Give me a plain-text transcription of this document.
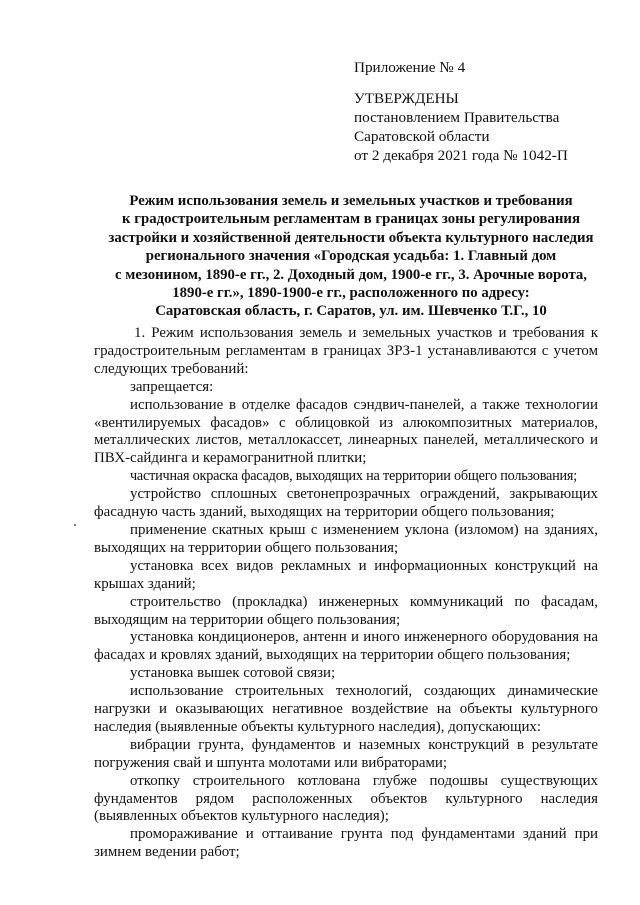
Приложение № 4
УТВЕРЖДЕНЫ
постановлением Правительства
Саратовской области
от 2 декабря 2021 года № 1042-П
Режим использования земель и земельных участков и требования
к градостроительным регламентам в границах зоны регулирования
застройки и хозяйственной деятельности объекта культурного наследия
регионального значения «Городская усадьба: 1. Главный дом
с мезонином, 1890-е гг., 2. Доходный дом, 1900-е гг., 3. Арочные ворота,
1890-е гг.», 1890-1900-е гг., расположенного по адресу:
Саратовская область, г. Саратов, ул. им. Шевченко Т.Г., 10

1. Режим использования земель и земельных участков и требования к градостроительным регламентам в границах ЗРЗ-1 устанавливаются с учетом следующих требований:

запрещается:

использование в отделке фасадов сэндвич-панелей, а также технологии «вентилируемых фасадов» с облицовкой из алюкомпозитных материалов, металлических листов, металлокассет, линеарных панелей, металлического и ПВХ-сайдинга и керамогранитной плитки;

частичная окраска фасадов, выходящих на территории общего пользования;

устройство сплошных светонепрозрачных ограждений, закрывающих фасадную часть зданий, выходящих на территории общего пользования;

применение скатных крыш с изменением уклона (изломом) на зданиях, выходящих на территории общего пользования;

установка всех видов рекламных и информационных конструкций на крышах зданий;

строительство (прокладка) инженерных коммуникаций по фасадам, выходящим на территории общего пользования;

установка кондиционеров, антенн и иного инженерного оборудования на фасадах и кровлях зданий, выходящих на территории общего пользования;

установка вышек сотовой связи;

использование строительных технологий, создающих динамические нагрузки и оказывающих негативное воздействие на объекты культурного наследия (выявленные объекты культурного наследия), допускающих:

вибрации грунта, фундаментов и наземных конструкций в результате погружения свай и шпунта молотами или вибраторами;

откопку строительного котлована глубже подошвы существующих фундаментов рядом расположенных объектов культурного наследия (выявленных объектов культурного наследия);

промораживание и оттаивание грунта под фундаментами зданий при зимнем ведении работ;
